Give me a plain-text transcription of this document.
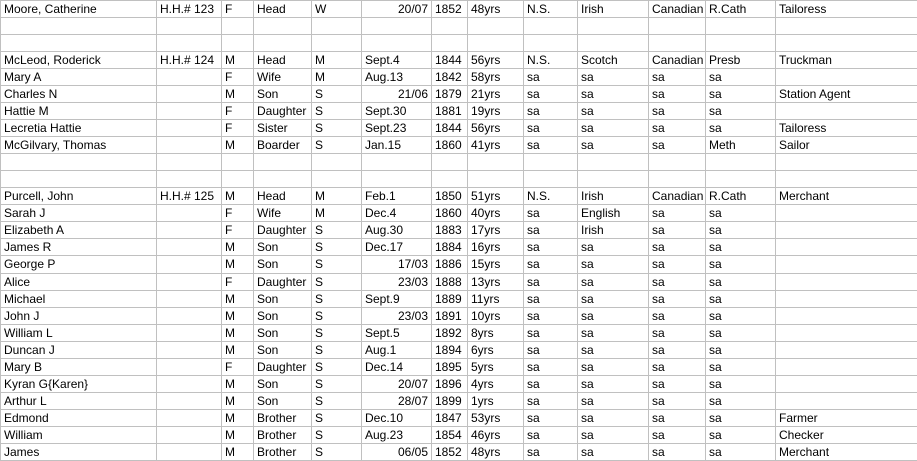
Moore, Catherine	H.H.# 123	F	Head	W	20/07	1852	48yrs	N.S.	Irish	Canadian	R.Cath	Tailoress

McLeod, Roderick	H.H.# 124	M	Head	M	Sept.4	1844	56yrs	N.S.	Scotch	Canadian	Presb	Truckman
Mary A		F	Wife	M	Aug.13	1842	58yrs	sa	sa	sa	sa	
Charles N		M	Son	S	21/06	1879	21yrs	sa	sa	sa	sa	Station Agent
Hattie M		F	Daughter	S	Sept.30	1881	19yrs	sa	sa	sa	sa	
Lecretia Hattie		F	Sister	S	Sept.23	1844	56yrs	sa	sa	sa	sa	Tailoress
McGilvary, Thomas		M	Boarder	S	Jan.15	1860	41yrs	sa	sa	sa	Meth	Sailor

Purcell, John	H.H.# 125	M	Head	M	Feb.1	1850	51yrs	N.S.	Irish	Canadian	R.Cath	Merchant
Sarah J		F	Wife	M	Dec.4	1860	40yrs	sa	English	sa	sa	
Elizabeth A		F	Daughter	S	Aug.30	1883	17yrs	sa	Irish	sa	sa	
James R		M	Son	S	Dec.17	1884	16yrs	sa	sa	sa	sa	
George P		M	Son	S	17/03	1886	15yrs	sa	sa	sa	sa	
Alice		F	Daughter	S	23/03	1888	13yrs	sa	sa	sa	sa	
Michael		M	Son	S	Sept.9	1889	11yrs	sa	sa	sa	sa	
John J		M	Son	S	23/03	1891	10yrs	sa	sa	sa	sa	
William L		M	Son	S	Sept.5	1892	8yrs	sa	sa	sa	sa	
Duncan J		M	Son	S	Aug.1	1894	6yrs	sa	sa	sa	sa	
Mary B		F	Daughter	S	Dec.14	1895	5yrs	sa	sa	sa	sa	
Kyran G{Karen}		M	Son	S	20/07	1896	4yrs	sa	sa	sa	sa	
Arthur L		M	Son	S	28/07	1899	1yrs	sa	sa	sa	sa	
Edmond		M	Brother	S	Dec.10	1847	53yrs	sa	sa	sa	sa	Farmer
William		M	Brother	S	Aug.23	1854	46yrs	sa	sa	sa	sa	Checker
James		M	Brother	S	06/05	1852	48yrs	sa	sa	sa	sa	Merchant
